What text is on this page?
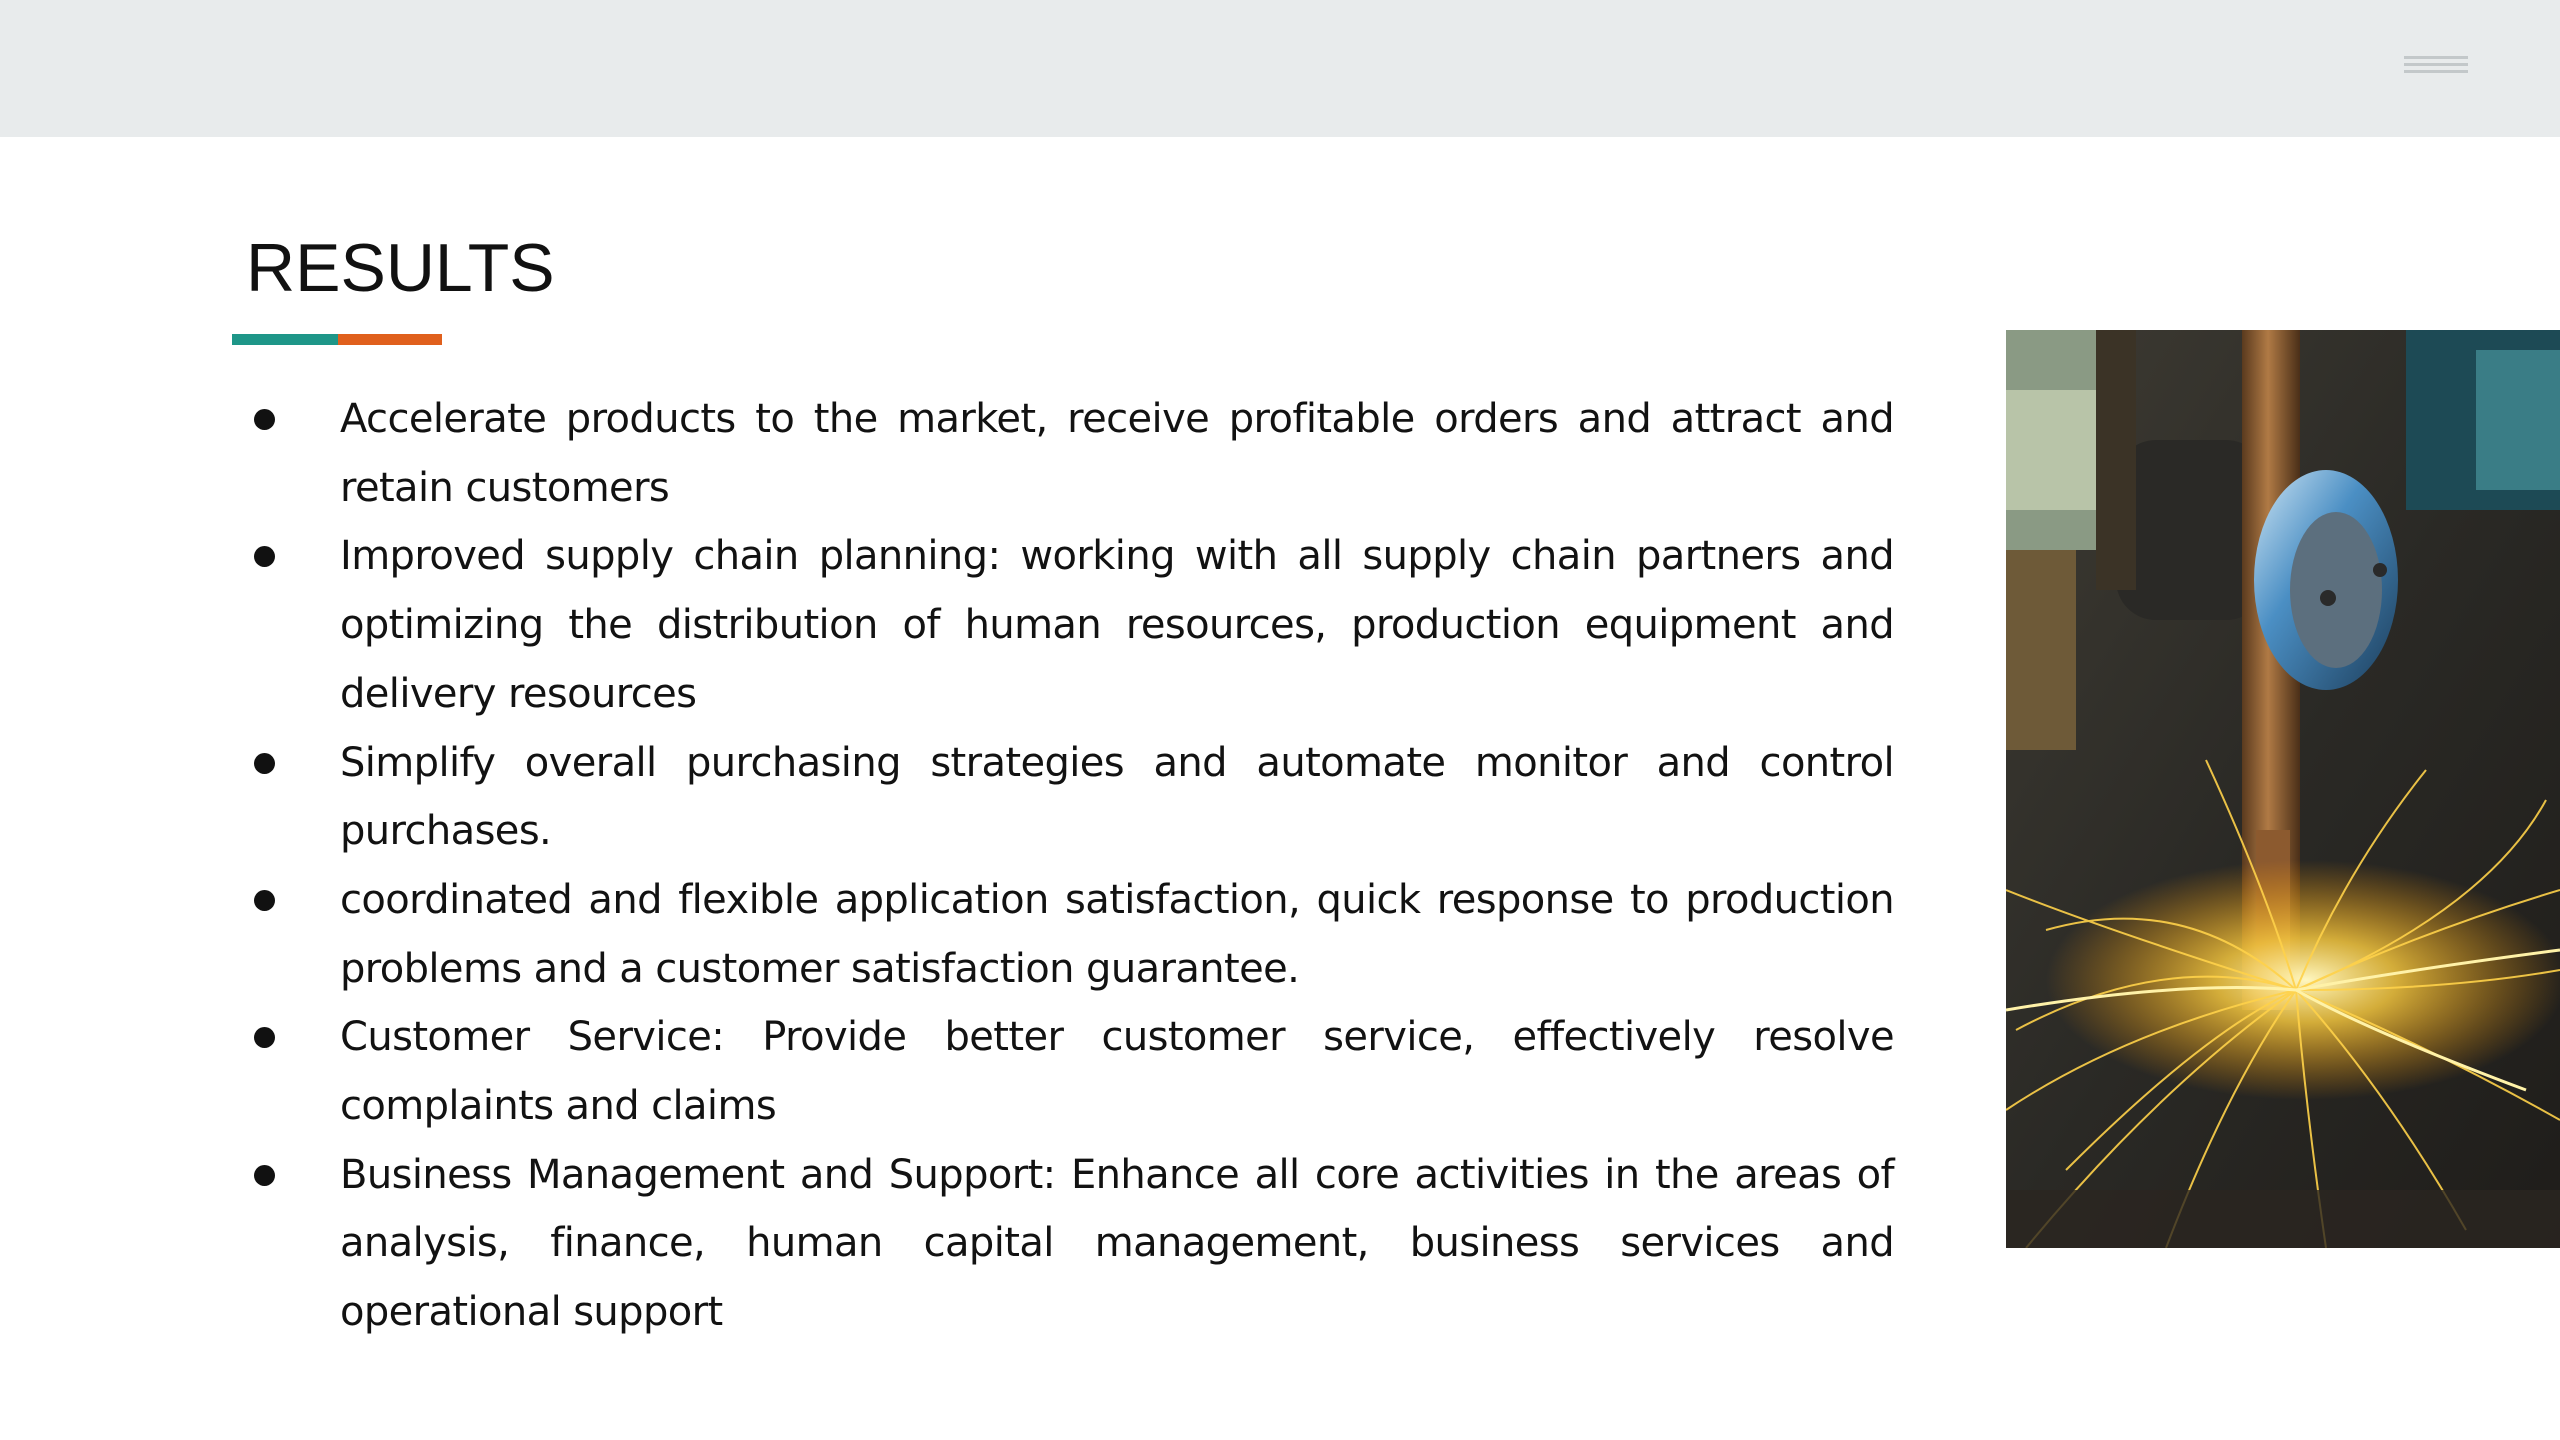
RESULTS
Accelerate products to the market, receive profitable orders and attract and retain customers
Improved supply chain planning: working with all supply chain partners and optimizing the distribution of human resources, production equipment and delivery resources
Simplify overall purchasing strategies and automate monitor and control purchases.
coordinated and flexible application satisfaction, quick response to production problems and a customer satisfaction guarantee.
Customer Service: Provide better customer service, effectively resolve complaints and claims
Business Management and Support: Enhance all core activities in the areas of analysis, finance, human capital management, business services and operational support
